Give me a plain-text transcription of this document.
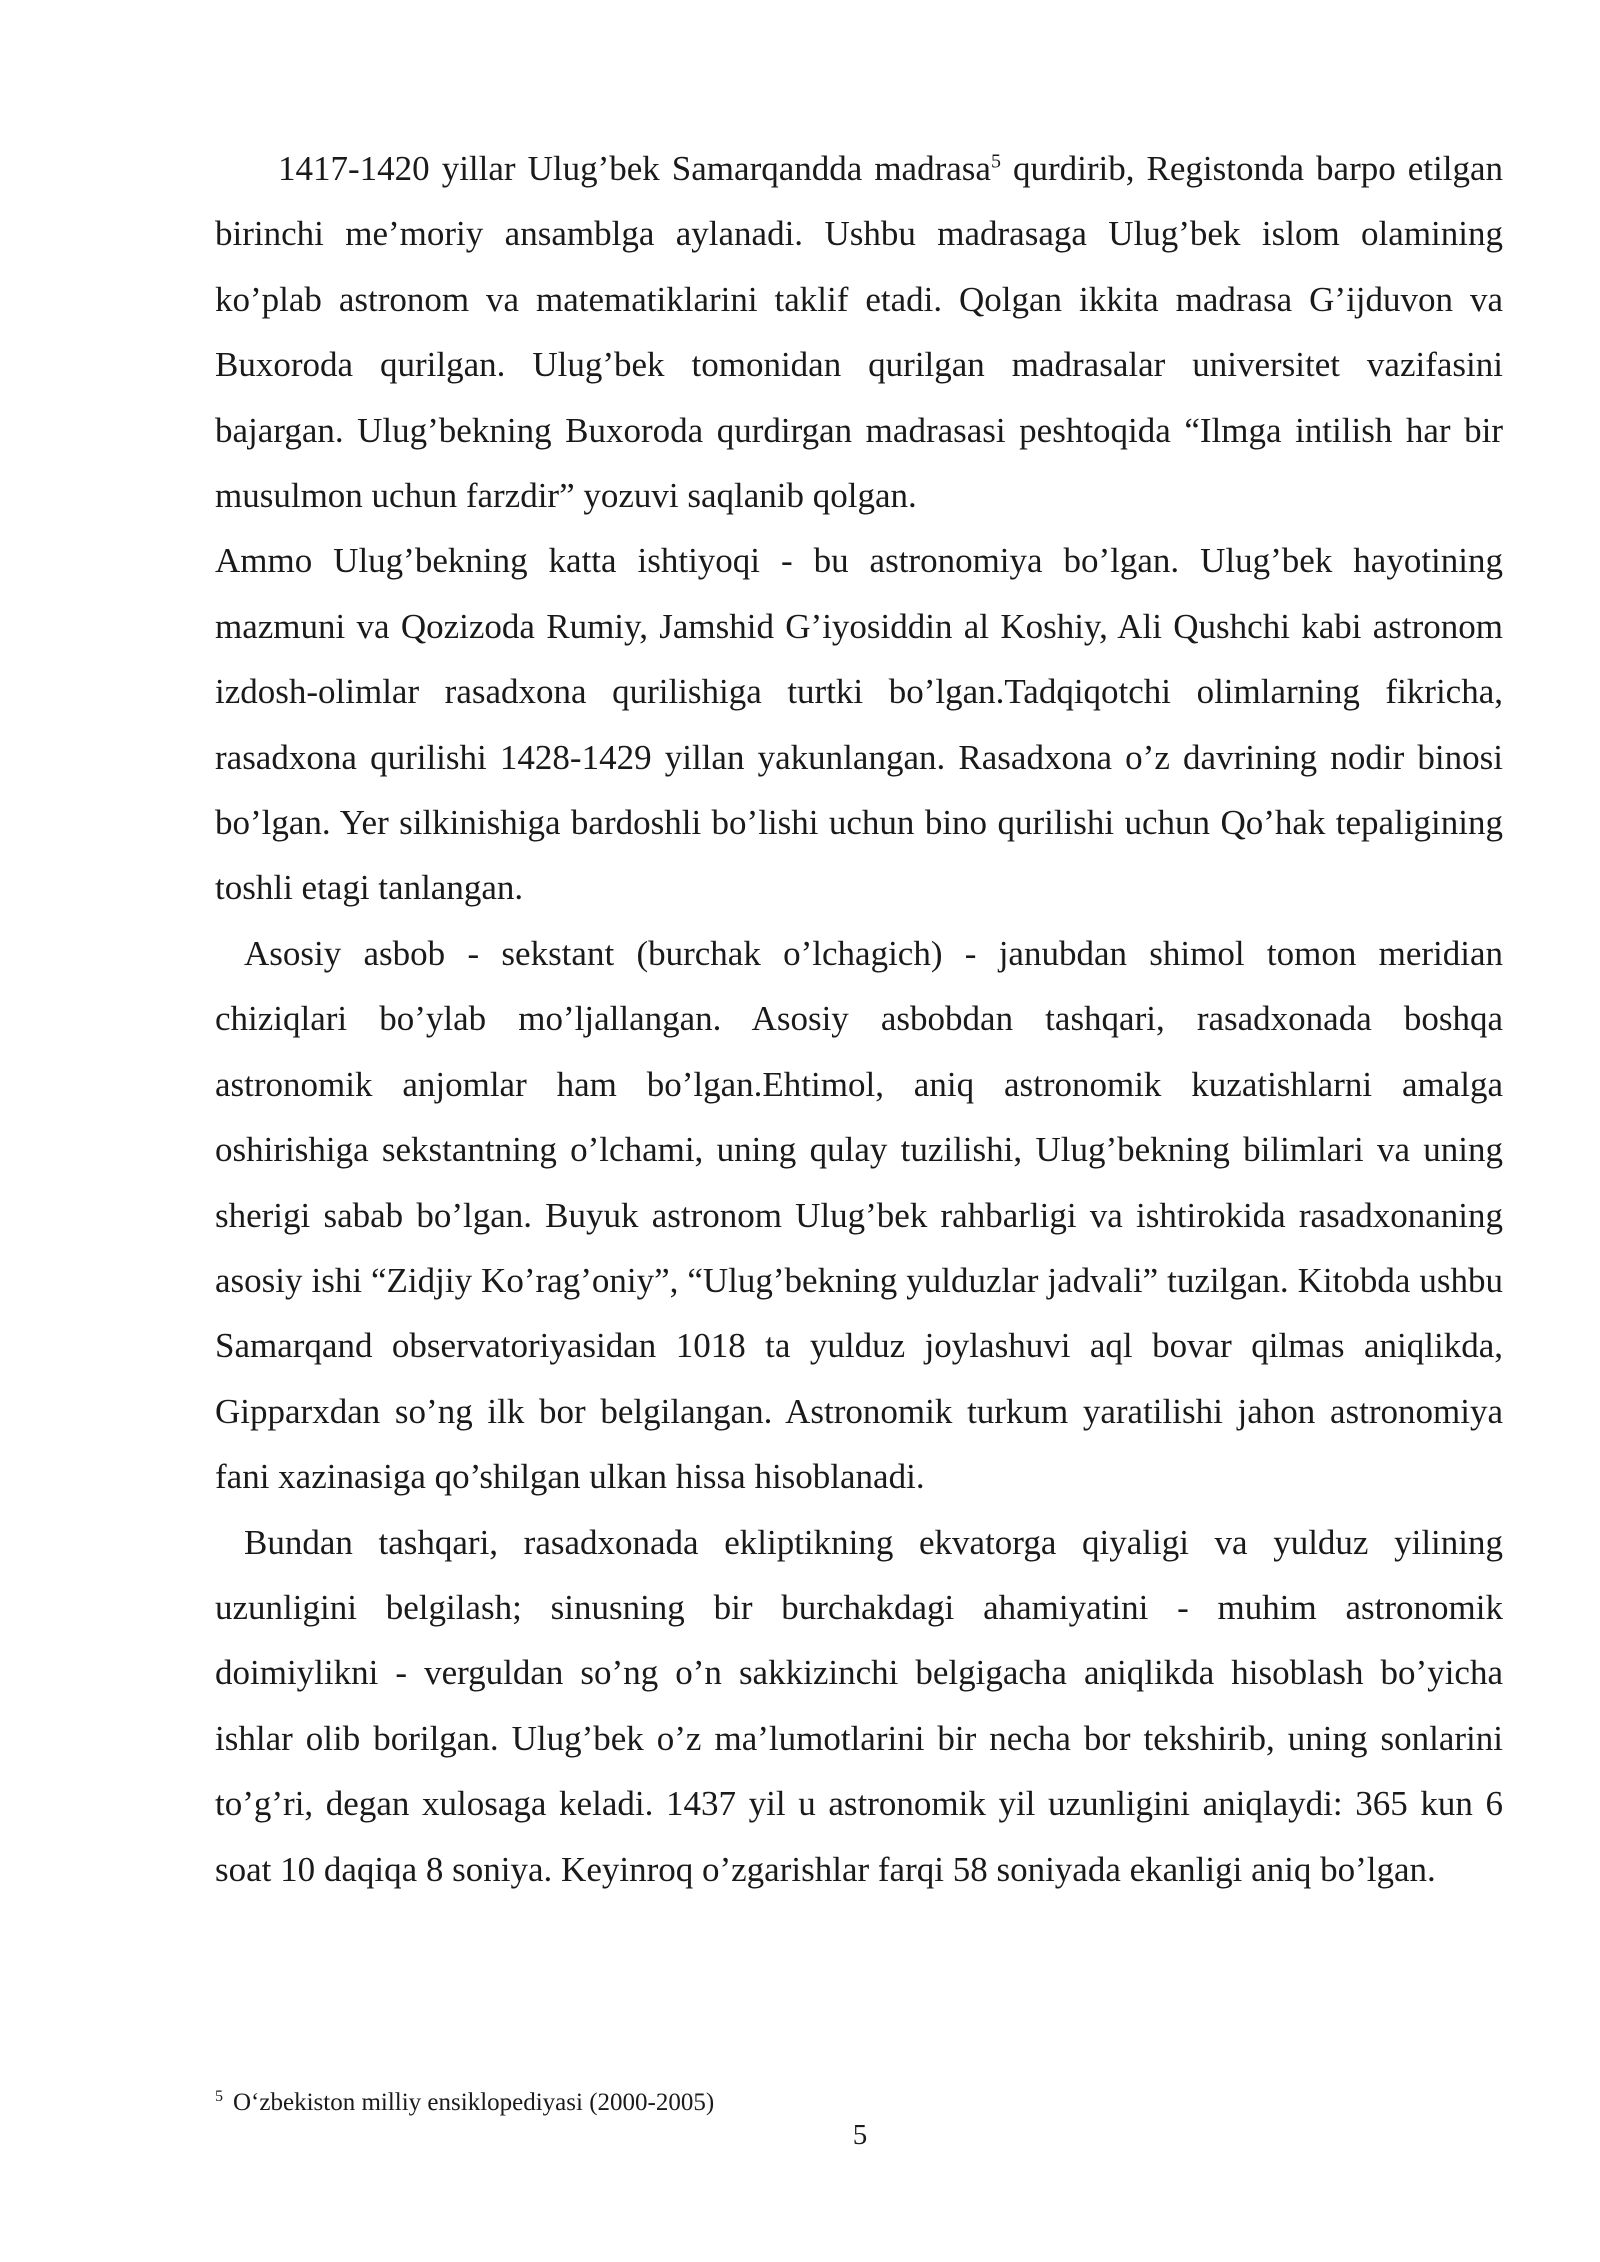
1417-1420 yillar Ulug’bek Samarqandda madrasa$^5$ qurdirib, Registonda barpo etilgan birinchi me’moriy ansamblga aylanadi. Ushbu madrasaga Ulug’bek islom olamining ko’plab astronom va matematiklarini taklif etadi. Qolgan ikkita madrasa G’ijduvon va Buxoroda qurilgan. Ulug’bek tomonidan qurilgan madrasalar universitet vazifasini bajargan. Ulug’bekning Buxoroda qurdirgan madrasasi peshtoqida “Ilmga intilish har bir musulmon uchun farzdir” yozuvi saqlanib qolgan.

Ammo Ulug’bekning katta ishtiyoqi - bu astronomiya bo’lgan. Ulug’bek hayotining mazmuni va Qozizoda Rumiy, Jamshid G’iyosiddin al Koshiy, Ali Qushchi kabi astronom izdosh-olimlar rasadxona qurilishiga turtki bo’lgan.Tadqiqotchi olimlarning fikricha, rasadxona qurilishi 1428-1429 yillan yakunlangan. Rasadxona o’z davrining nodir binosi bo’lgan. Yer silkinishiga bardoshli bo’lishi uchun bino qurilishi uchun Qo’hak tepaligining toshli etagi tanlangan.

Asosiy asbob - sekstant (burchak o’lchagich) - janubdan shimol tomon meridian chiziqlari bo’ylab mo’ljallangan. Asosiy asbobdan tashqari, rasadxonada boshqa astronomik anjomlar ham bo’lgan.Ehtimol, aniq astronomik kuzatishlarni amalga oshirishiga sekstantning o’lchami, uning qulay tuzilishi, Ulug’bekning bilimlari va uning sherigi sabab bo’lgan. Buyuk astronom Ulug’bek rahbarligi va ishtirokida rasadxonaning asosiy ishi “Zidjiy Ko’rag’oniy”, “Ulug’bekning yulduzlar jadvali” tuzilgan. Kitobda ushbu Samarqand observatoriyasidan 1018 ta yulduz joylashuvi aql bovar qilmas aniqlikda, Gipparxdan so’ng ilk bor belgilangan. Astronomik turkum yaratilishi jahon astronomiya fani xazinasiga qo’shilgan ulkan hissa hisoblanadi.

Bundan tashqari, rasadxonada ekliptikning ekvatorga qiyaligi va yulduz yilining uzunligini belgilash; sinusning bir burchakdagi ahamiyatini - muhim astronomik doimiylikni - verguldan so’ng o’n sakkizinchi belgigacha aniqlikda hisoblash bo’yicha ishlar olib borilgan. Ulug’bek o’z ma’lumotlarini bir necha bor tekshirib, uning sonlarini to’g’ri, degan xulosaga keladi. 1437 yil u astronomik yil uzunligini aniqlaydi: 365 kun 6 soat 10 daqiqa 8 soniya. Keyinroq o’zgarishlar farqi 58 soniyada ekanligi aniq bo’lgan.

$^5$ O‘zbekiston milliy ensiklopediyasi (2000-2005)
5
